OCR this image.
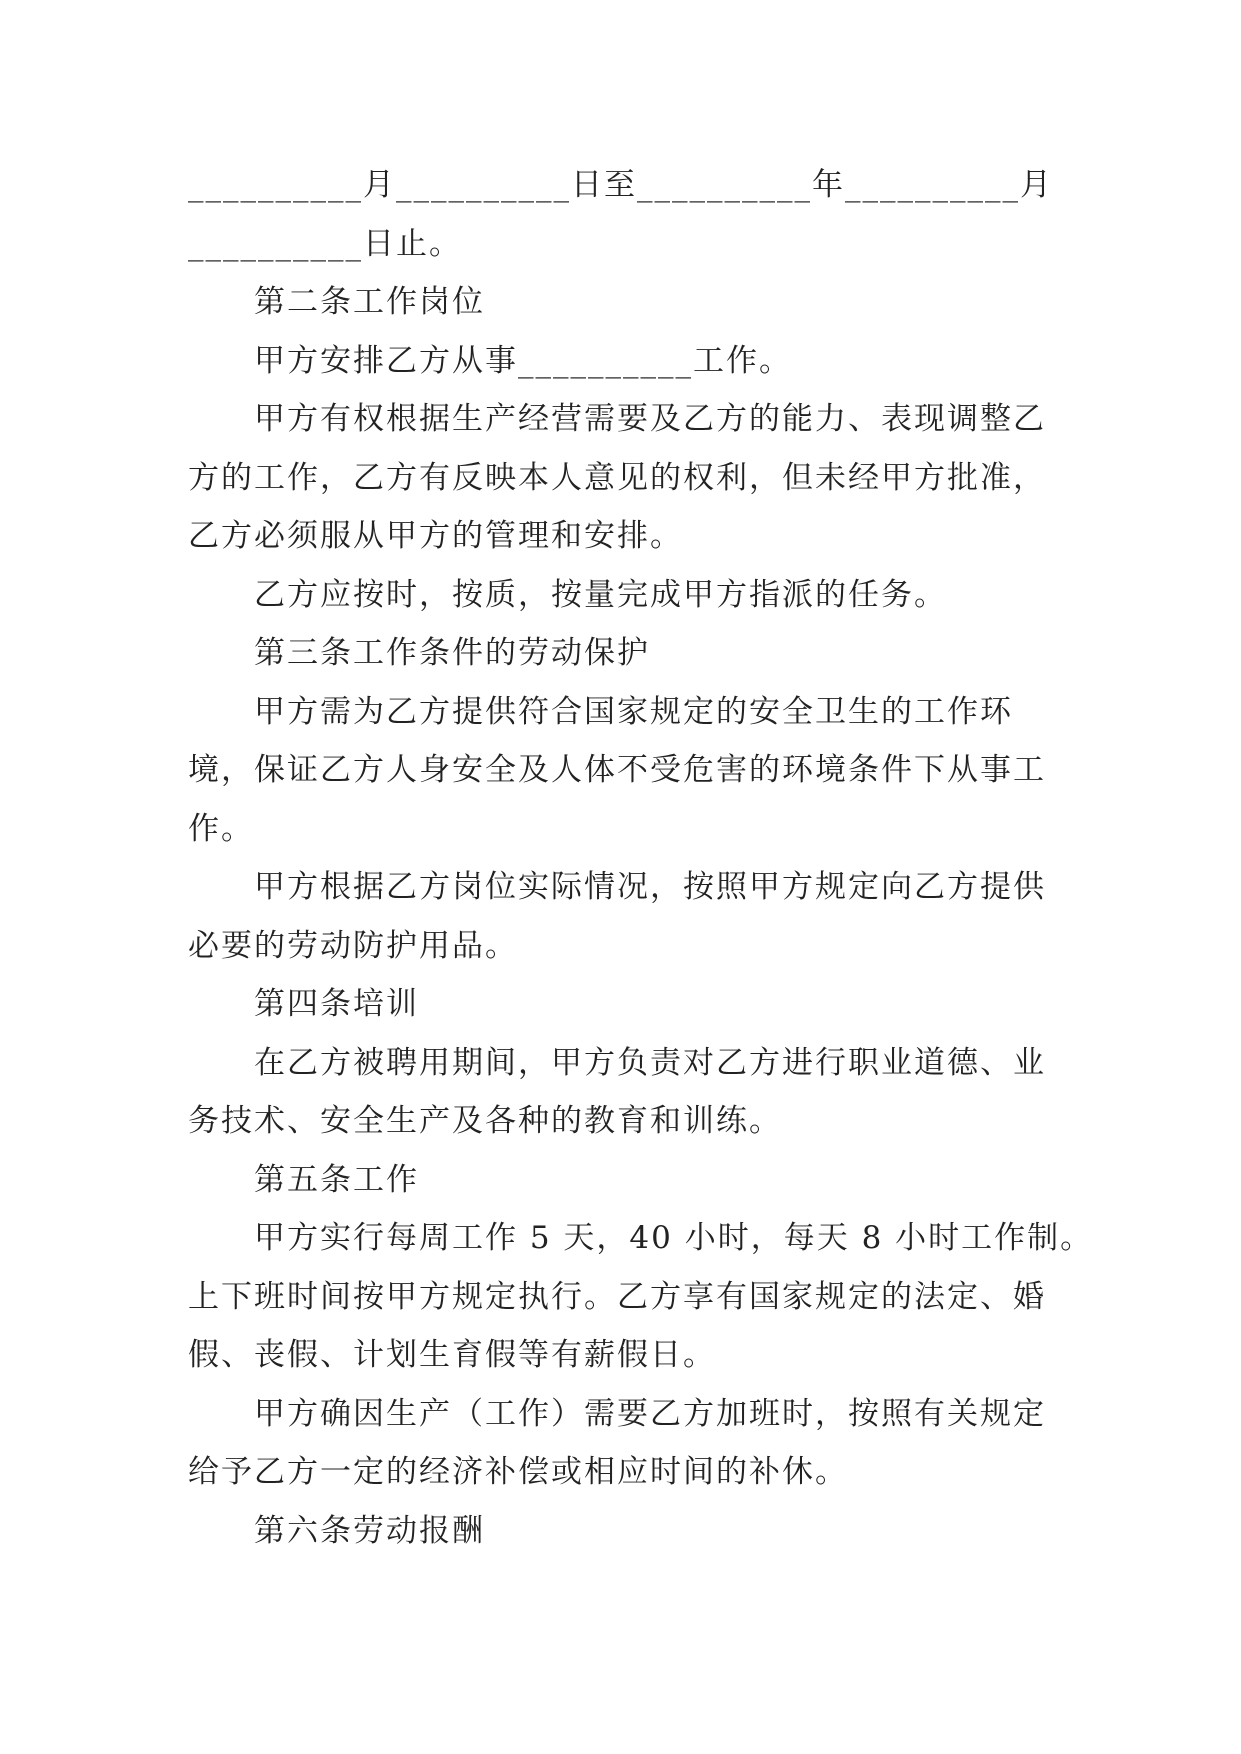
__________月__________日至__________年__________月
__________日止。
第二条工作岗位
甲方安排乙方从事__________工作。
甲方有权根据生产经营需要及乙方的能力、表现调整乙
方的工作，乙方有反映本人意见的权利，但未经甲方批准，
乙方必须服从甲方的管理和安排。
乙方应按时，按质，按量完成甲方指派的任务。
第三条工作条件的劳动保护
甲方需为乙方提供符合国家规定的安全卫生的工作环
境，保证乙方人身安全及人体不受危害的环境条件下从事工
作。
甲方根据乙方岗位实际情况，按照甲方规定向乙方提供
必要的劳动防护用品。
第四条培训
在乙方被聘用期间，甲方负责对乙方进行职业道德、业
务技术、安全生产及各种的教育和训练。
第五条工作
甲方实行每周工作 5 天，40 小时，每天 8 小时工作制。
上下班时间按甲方规定执行。乙方享有国家规定的法定、婚
假、丧假、计划生育假等有薪假日。
甲方确因生产（工作）需要乙方加班时，按照有关规定
给予乙方一定的经济补偿或相应时间的补休。
第六条劳动报酬
